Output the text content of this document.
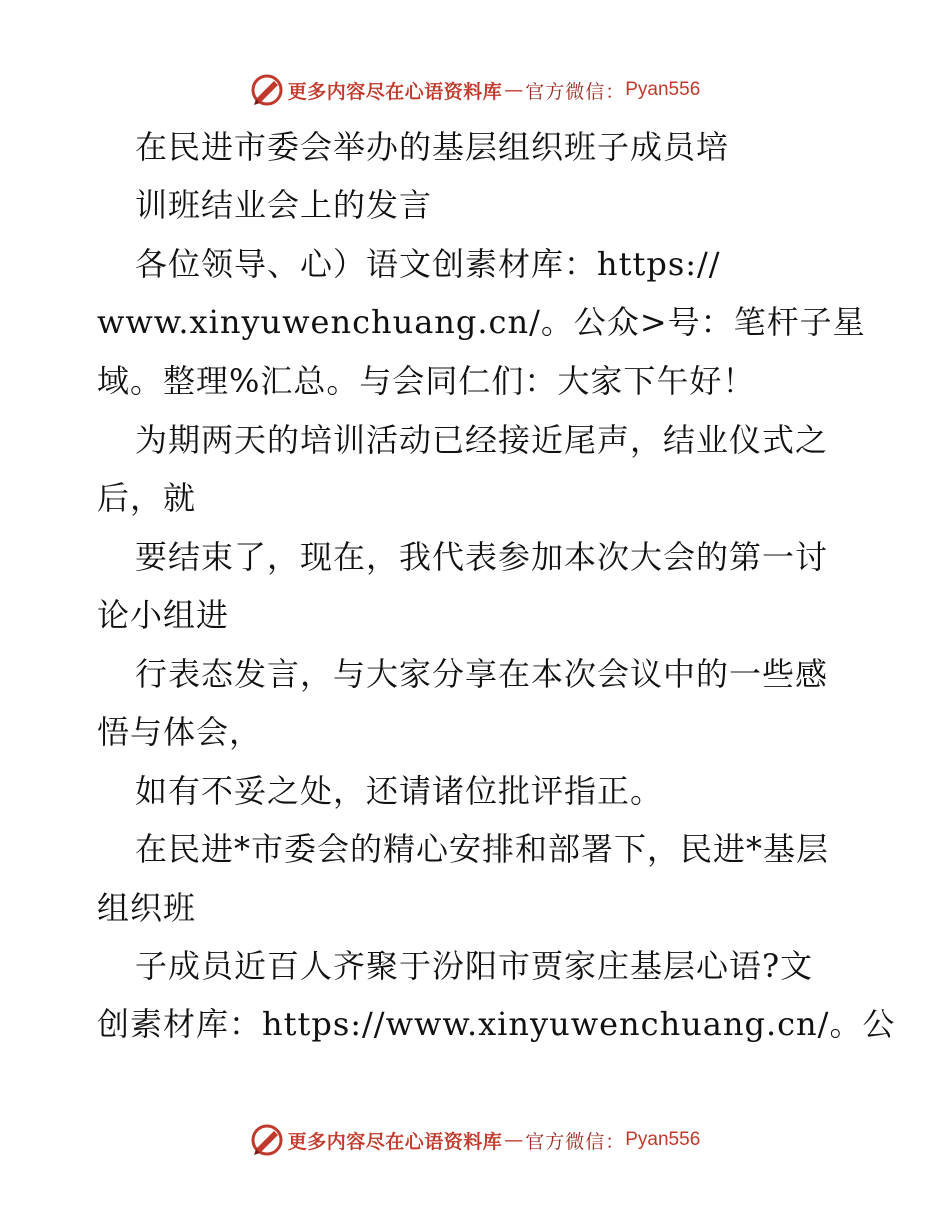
更多内容尽在心语资料库 — 官方微信： Pyan556
在民进市委会举办的基层组织班子成员培
训班结业会上的发言
各位领导、心）语文创素材库：https://
www.xinyuwenchuang.cn/。公众>号：笔杆子星
域。整理%汇总。与会同仁们：大家下午好！
为期两天的培训活动已经接近尾声，结业仪式之
后，就
要结束了，现在，我代表参加本次大会的第一讨
论小组进
行表态发言，与大家分享在本次会议中的一些感
悟与体会，
如有不妥之处，还请诸位批评指正。
在民进*市委会的精心安排和部署下，民进*基层
组织班
子成员近百人齐聚于汾阳市贾家庄基层心语?文
创素材库：https://www.xinyuwenchuang.cn/。公
更多内容尽在心语资料库 — 官方微信： Pyan556
